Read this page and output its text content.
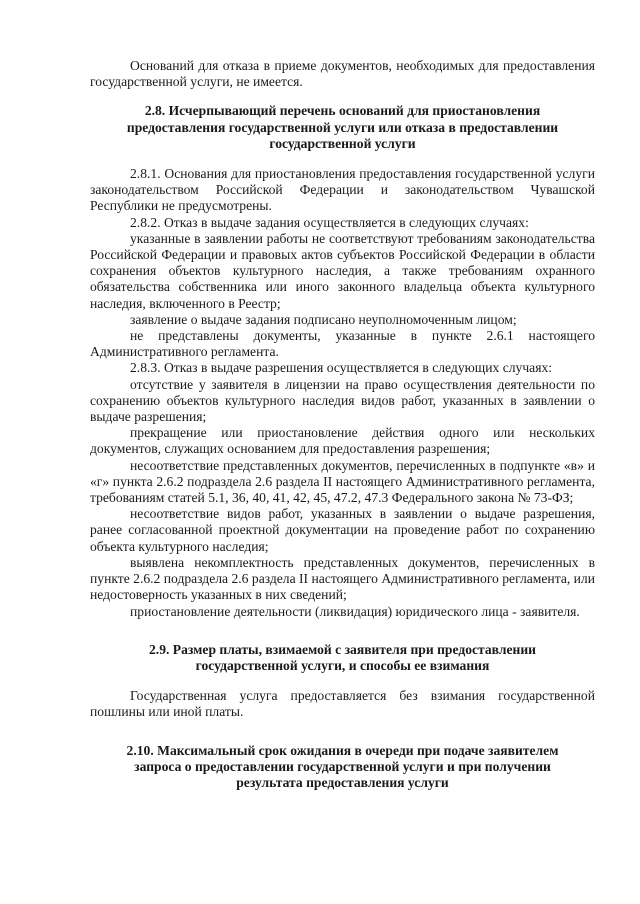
Оснований для отказа в приеме документов, необходимых для предоставления государственной услуги, не имеется.

2.8. Исчерпывающий перечень оснований для приостановления предоставления государственной услуги или отказа в предоставлении государственной услуги

2.8.1. Основания для приостановления предоставления государственной услуги законодательством Российской Федерации и законодательством Чувашской Республики не предусмотрены.

2.8.2. Отказ в выдаче задания осуществляется в следующих случаях:

указанные в заявлении работы не соответствуют требованиям законодательства Российской Федерации и правовых актов субъектов Российской Федерации в области сохранения объектов культурного наследия, а также требованиям охранного обязательства собственника или иного законного владельца объекта культурного наследия, включенного в Реестр;

заявление о выдаче задания подписано неуполномоченным лицом;

не представлены документы, указанные в пункте 2.6.1 настоящего Административного регламента.

2.8.3. Отказ в выдаче разрешения осуществляется в следующих случаях:

отсутствие у заявителя в лицензии на право осуществления деятельности по сохранению объектов культурного наследия видов работ, указанных в заявлении о выдаче разрешения;

прекращение или приостановление действия одного или нескольких документов, служащих основанием для предоставления разрешения;

несоответствие представленных документов, перечисленных в подпункте «в» и «г» пункта 2.6.2 подраздела 2.6 раздела II настоящего Административного регламента, требованиям статей 5.1, 36, 40, 41, 42, 45, 47.2, 47.3 Федерального закона № 73-ФЗ;

несоответствие видов работ, указанных в заявлении о выдаче разрешения, ранее согласованной проектной документации на проведение работ по сохранению объекта культурного наследия;

выявлена некомплектность представленных документов, перечисленных в пункте 2.6.2 подраздела 2.6 раздела II настоящего Административного регламента, или недостоверность указанных в них сведений;

приостановление деятельности (ликвидация) юридического лица - заявителя.

2.9. Размер платы, взимаемой с заявителя при предоставлении государственной услуги, и способы ее взимания

Государственная услуга предоставляется без взимания государственной пошлины или иной платы.

2.10. Максимальный срок ожидания в очереди при подаче заявителем запроса о предоставлении государственной услуги и при получении результата предоставления услуги
